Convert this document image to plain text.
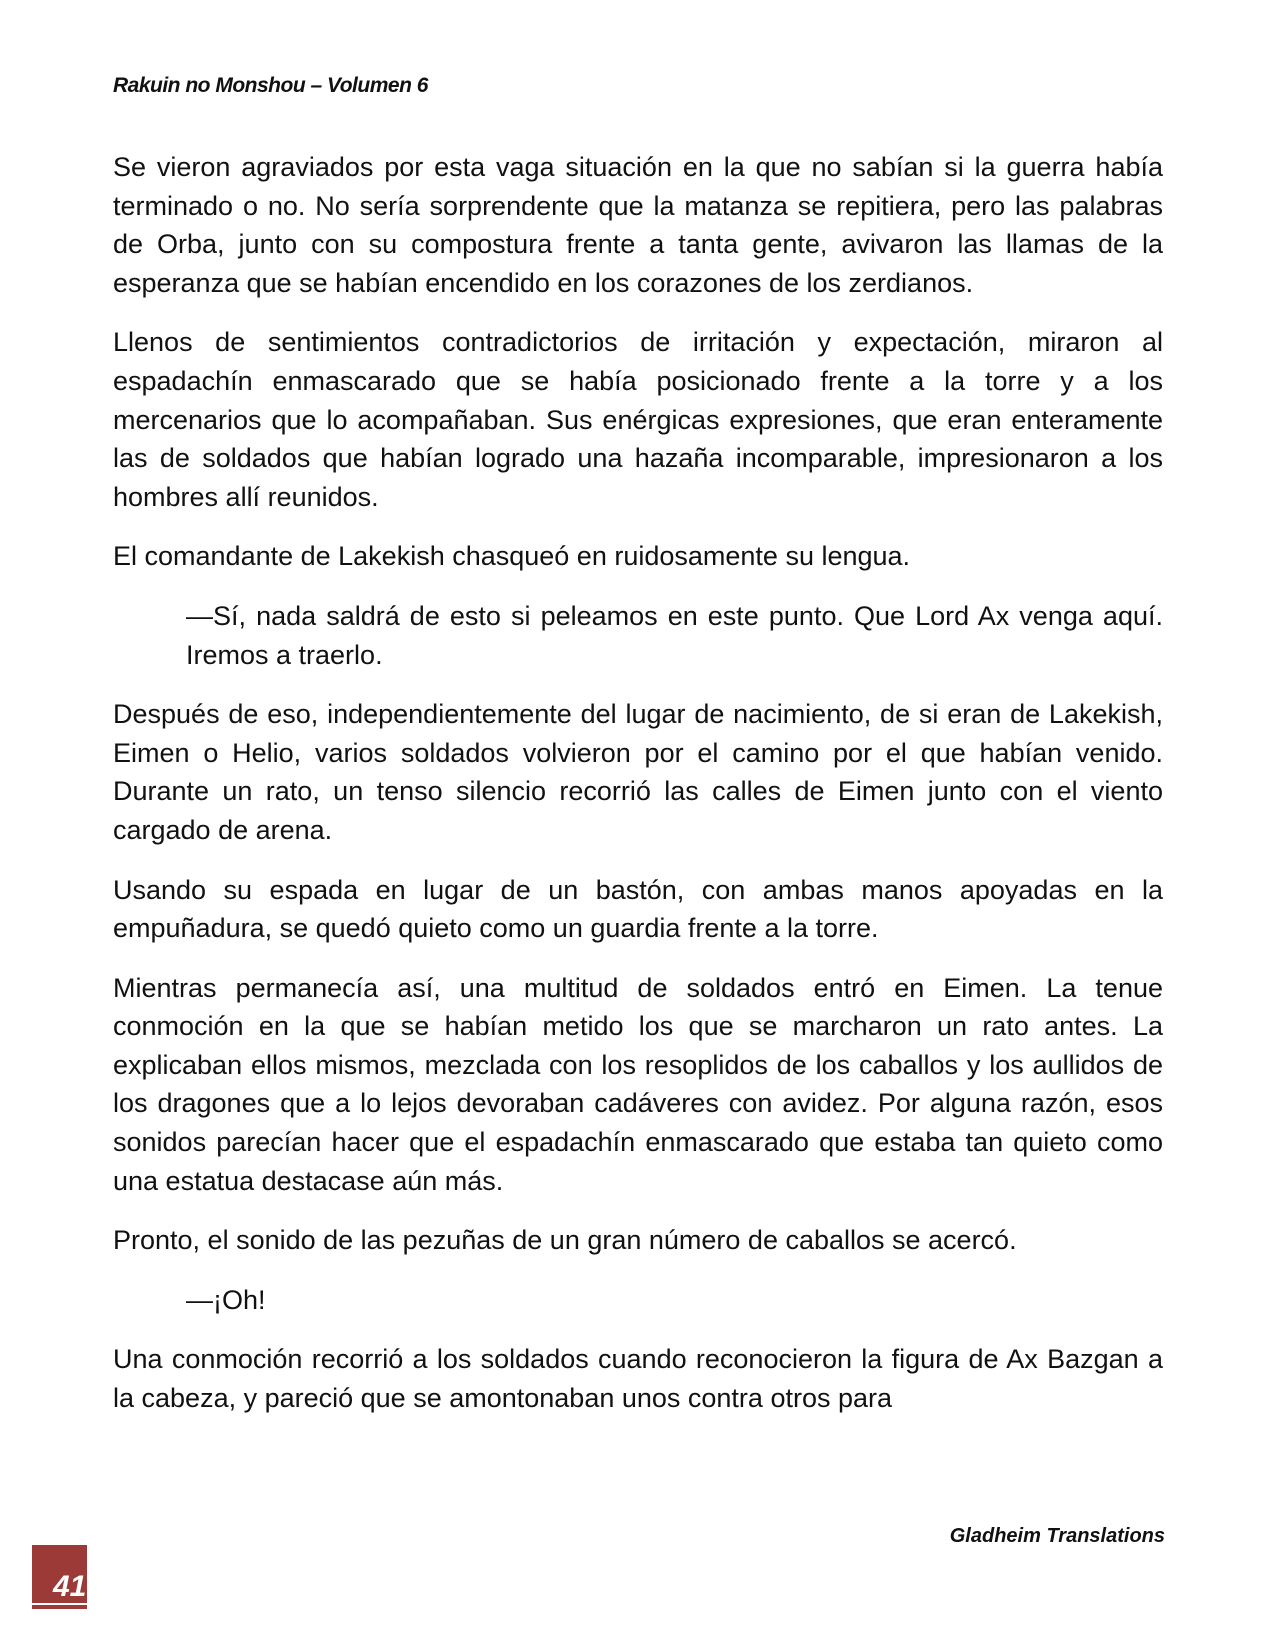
Rakuin no Monshou – Volumen 6

Se vieron agraviados por esta vaga situación en la que no sabían si la guerra había terminado o no. No sería sorprendente que la matanza se repitiera, pero las palabras de Orba, junto con su compostura frente a tanta gente, avivaron las llamas de la esperanza que se habían encendido en los corazones de los zerdianos.

Llenos de sentimientos contradictorios de irritación y expectación, miraron al espadachín enmascarado que se había posicionado frente a la torre y a los mercenarios que lo acompañaban. Sus enérgicas expresiones, que eran enteramente las de soldados que habían logrado una hazaña incomparable, impresionaron a los hombres allí reunidos.

El comandante de Lakekish chasqueó en ruidosamente su lengua.

—Sí, nada saldrá de esto si peleamos en este punto. Que Lord Ax venga aquí. Iremos a traerlo.

Después de eso, independientemente del lugar de nacimiento, de si eran de Lakekish, Eimen o Helio, varios soldados volvieron por el camino por el que habían venido. Durante un rato, un tenso silencio recorrió las calles de Eimen junto con el viento cargado de arena.

Usando su espada en lugar de un bastón, con ambas manos apoyadas en la empuñadura, se quedó quieto como un guardia frente a la torre.

Mientras permanecía así, una multitud de soldados entró en Eimen. La tenue conmoción en la que se habían metido los que se marcharon un rato antes. La explicaban ellos mismos, mezclada con los resoplidos de los caballos y los aullidos de los dragones que a lo lejos devoraban cadáveres con avidez. Por alguna razón, esos sonidos parecían hacer que el espadachín enmascarado que estaba tan quieto como una estatua destacase aún más.

Pronto, el sonido de las pezuñas de un gran número de caballos se acercó.

—¡Oh!

Una conmoción recorrió a los soldados cuando reconocieron la figura de Ax Bazgan a la cabeza, y pareció que se amontonaban unos contra otros para

Gladheim Translations
41
